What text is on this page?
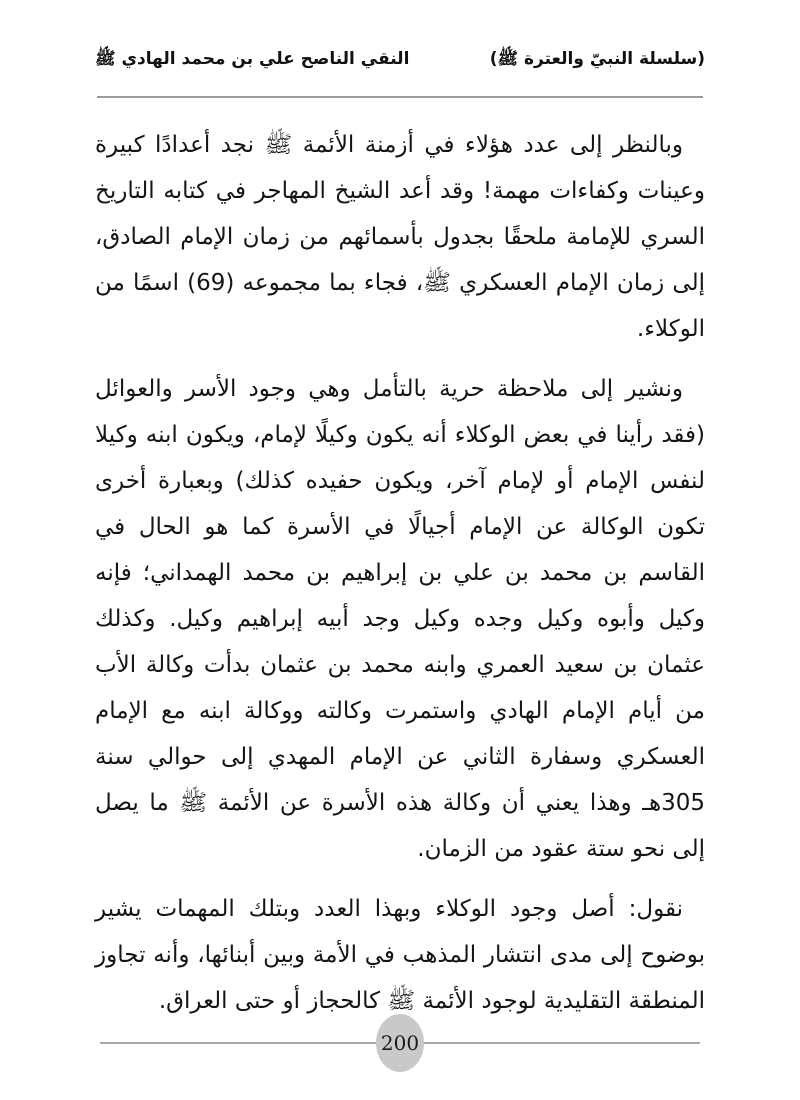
(سلسلة النبيّ والعترة ﷺ)
النقي الناصح علي بن محمد الهادي ﷺ

وبالنظر إلى عدد هؤلاء في أزمنة الأئمة ﷺ نجد أعدادًا كبيرة وعينات وكفاءات مهمة! وقد أعد الشيخ المهاجر في كتابه التاريخ السري للإمامة ملحقًا بجدول بأسمائهم من زمان الإمام الصادق، إلى زمان الإمام العسكري ﷺ، فجاء بما مجموعه (69) اسمًا من الوكلاء.

ونشير إلى ملاحظة حرية بالتأمل وهي وجود الأسر والعوائل (فقد رأينا في بعض الوكلاء أنه يكون وكيلًا لإمام، ويكون ابنه وكيلا لنفس الإمام أو لإمام آخر، ويكون حفيده كذلك) وبعبارة أخرى تكون الوكالة عن الإمام أجيالًا في الأسرة كما هو الحال في القاسم بن محمد بن علي بن إبراهيم بن محمد الهمداني؛ فإنه وكيل وأبوه وكيل وجده وكيل وجد أبيه إبراهيم وكيل. وكذلك عثمان بن سعيد العمري وابنه محمد بن عثمان بدأت وكالة الأب من أيام الإمام الهادي واستمرت وكالته ووكالة ابنه مع الإمام العسكري وسفارة الثاني عن الإمام المهدي إلى حوالي سنة 305هـ وهذا يعني أن وكالة هذه الأسرة عن الأئمة ﷺ ما يصل إلى نحو ستة عقود من الزمان.

نقول: أصل وجود الوكلاء وبهذا العدد وبتلك المهمات يشير بوضوح إلى مدى انتشار المذهب في الأمة وبين أبنائها، وأنه تجاوز المنطقة التقليدية لوجود الأئمة ﷺ كالحجاز أو حتى العراق.

200
